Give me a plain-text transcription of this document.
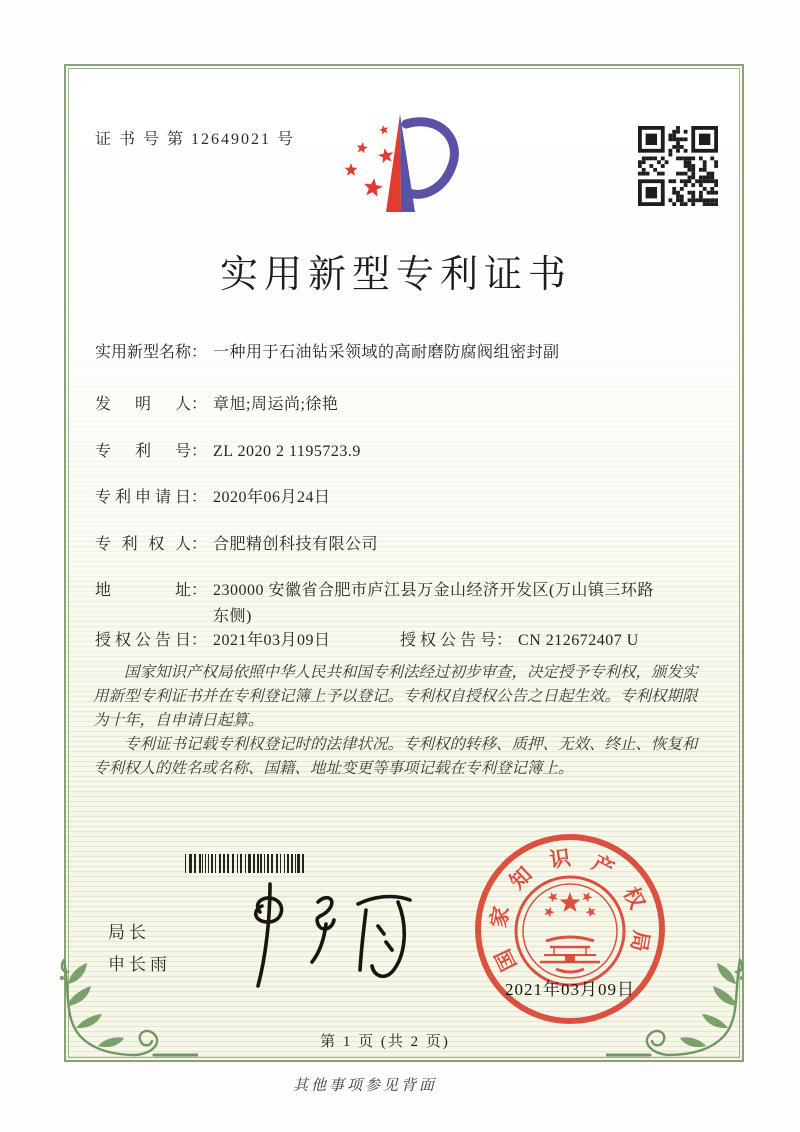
证 书 号 第 12649021 号
实用新型专利证书
实用新型名称： 一种用于石油钻采领域的高耐磨防腐阀组密封副
发明人： 章旭;周运尚;徐艳
专利号： ZL 2020 2 1195723.9
专利申请日： 2020年06月24日
专利权人： 合肥精创科技有限公司
地址： 230000 安徽省合肥市庐江县万金山经济开发区(万山镇三环路东侧)
授权公告日： 2021年03月09日	授权公告号： CN 212672407 U

国家知识产权局依照中华人民共和国专利法经过初步审查，决定授予专利权，颁发实用新型专利证书并在专利登记簿上予以登记。专利权自授权公告之日起生效。专利权期限为十年，自申请日起算。

专利证书记载专利权登记时的法律状况。专利权的转移、质押、无效、终止、恢复和专利权人的姓名或名称、国籍、地址变更等事项记载在专利登记簿上。

局长
申长雨	国
家
知
识 产
权
局
2021年03月09日
第 1 页 (共 2 页)
其他事项参见背面
